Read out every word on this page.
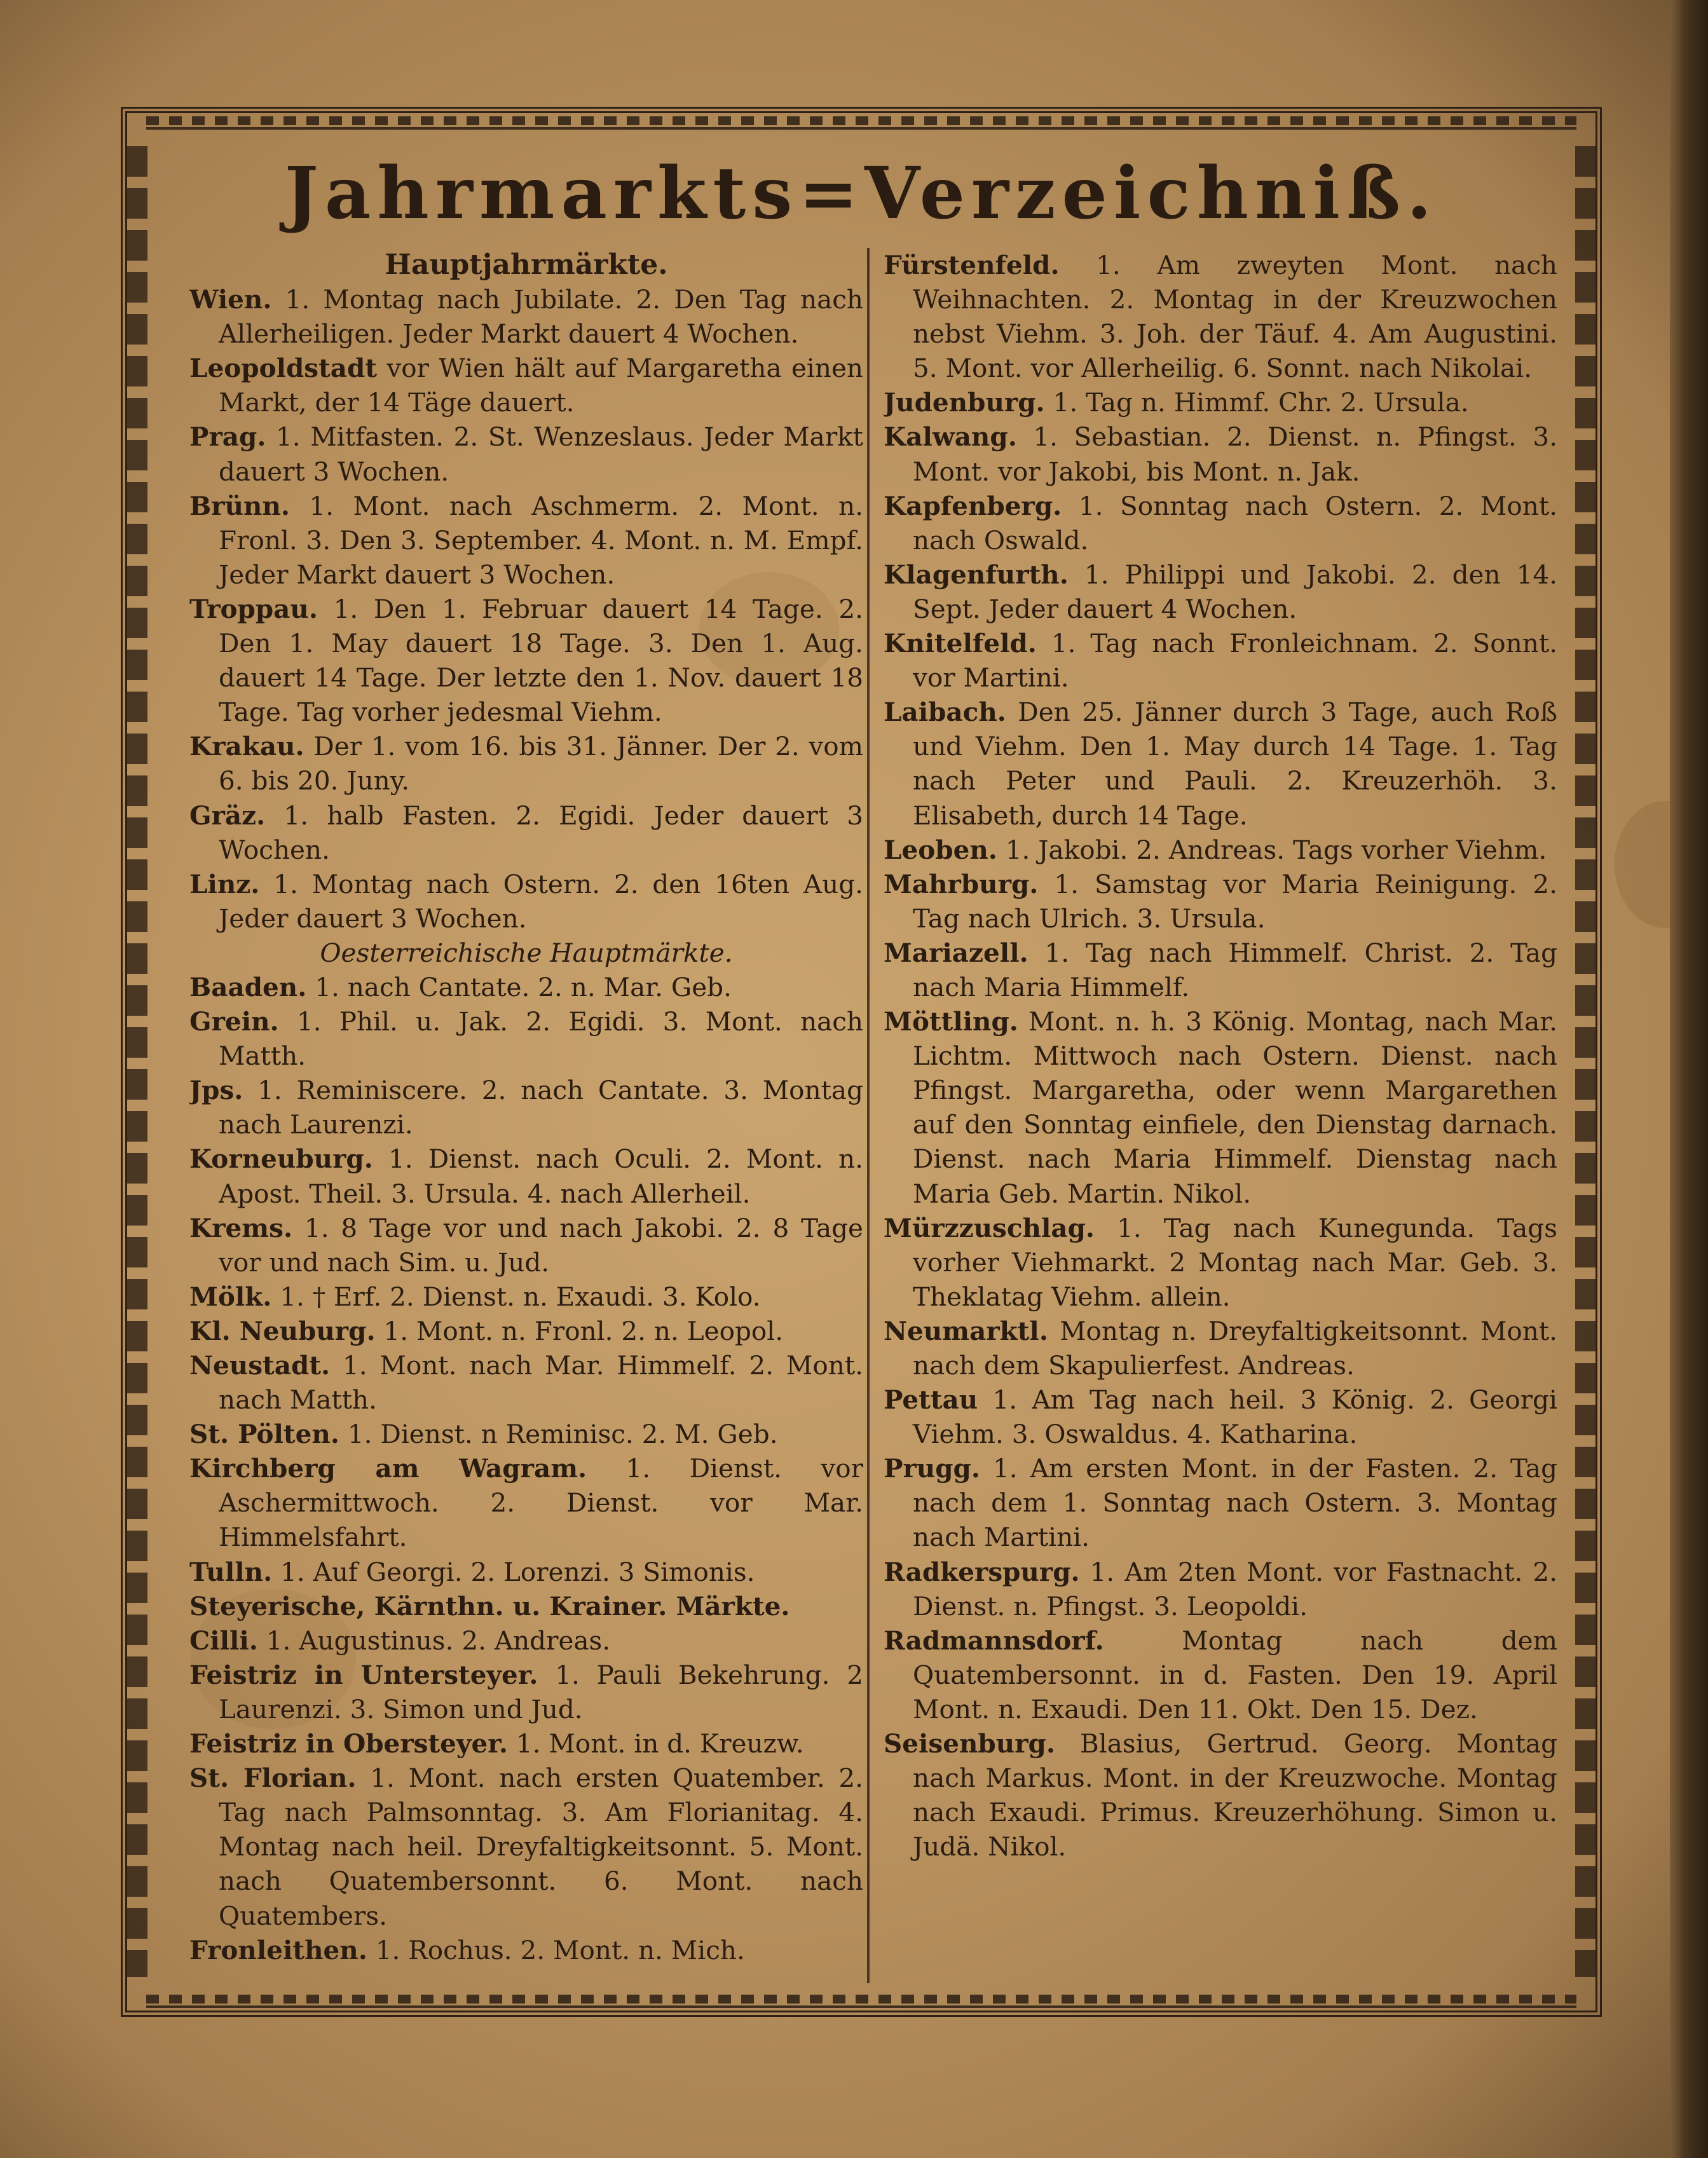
Jahrmarkts=Verzeichniß.

Hauptjahrmärkte.

Wien. 1. Montag nach Jubilate. 2. Den Tag nach Allerheiligen. Jeder Markt dauert 4 Wochen.

Leopoldstadt vor Wien hält auf Margaretha einen Markt, der 14 Täge dauert.

Prag. 1. Mitfasten. 2. St. Wenzeslaus. Jeder Markt dauert 3 Wochen.

Brünn. 1. Mont. nach Aschmerm. 2. Mont. n. Fronl. 3. Den 3. September. 4. Mont. n. M. Empf. Jeder Markt dauert 3 Wochen.

Troppau. 1. Den 1. Februar dauert 14 Tage. 2. Den 1. May dauert 18 Tage. 3. Den 1. Aug. dauert 14 Tage. Der letzte den 1. Nov. dauert 18 Tage. Tag vorher jedesmal Viehm.

Krakau. Der 1. vom 16. bis 31. Jänner. Der 2. vom 6. bis 20. Juny.

Gräz. 1. halb Fasten. 2. Egidi. Jeder dauert 3 Wochen.

Linz. 1. Montag nach Ostern. 2. den 16ten Aug. Jeder dauert 3 Wochen.

Oesterreichische Hauptmärkte.

Baaden. 1. nach Cantate. 2. n. Mar. Geb.

Grein. 1. Phil. u. Jak. 2. Egidi. 3. Mont. nach Matth.

Jps. 1. Reminiscere. 2. nach Cantate. 3. Montag nach Laurenzi.

Korneuburg. 1. Dienst. nach Oculi. 2. Mont. n. Apost. Theil. 3. Ursula. 4. nach Allerheil.

Krems. 1. 8 Tage vor und nach Jakobi. 2. 8 Tage vor und nach Sim. u. Jud.

Mölk. 1. † Erf. 2. Dienst. n. Exaudi. 3. Kolo.

Kl. Neuburg. 1. Mont. n. Fronl. 2. n. Leopol.

Neustadt. 1. Mont. nach Mar. Himmelf. 2. Mont. nach Matth.

St. Pölten. 1. Dienst. n Reminisc. 2. M. Geb.

Kirchberg am Wagram. 1. Dienst. vor Aschermittwoch. 2. Dienst. vor Mar. Himmelsfahrt.

Tulln. 1. Auf Georgi. 2. Lorenzi. 3 Simonis.

Steyerische, Kärnthn. u. Krainer. Märkte.

Cilli. 1. Augustinus. 2. Andreas.

Feistriz in Untersteyer. 1. Pauli Bekehrung. 2 Laurenzi. 3. Simon und Jud.

Feistriz in Obersteyer. 1. Mont. in d. Kreuzw.

St. Florian. 1. Mont. nach ersten Quatember. 2. Tag nach Palmsonntag. 3. Am Florianitag. 4. Montag nach heil. Dreyfaltigkeitsonnt. 5. Mont. nach Quatembersonnt. 6. Mont. nach Quatembers.

Fronleithen. 1. Rochus. 2. Mont. n. Mich.

Fürstenfeld. 1. Am zweyten Mont. nach Weihnachten. 2. Montag in der Kreuzwochen nebst Viehm. 3. Joh. der Täuf. 4. Am Augustini. 5. Mont. vor Allerheilig. 6. Sonnt. nach Nikolai.

Judenburg. 1. Tag n. Himmf. Chr. 2. Ursula.

Kalwang. 1. Sebastian. 2. Dienst. n. Pfingst. 3. Mont. vor Jakobi, bis Mont. n. Jak.

Kapfenberg. 1. Sonntag nach Ostern. 2. Mont. nach Oswald.

Klagenfurth. 1. Philippi und Jakobi. 2. den 14. Sept. Jeder dauert 4 Wochen.

Knitelfeld. 1. Tag nach Fronleichnam. 2. Sonnt. vor Martini.

Laibach. Den 25. Jänner durch 3 Tage, auch Roß und Viehm. Den 1. May durch 14 Tage. 1. Tag nach Peter und Pauli. 2. Kreuzerhöh. 3. Elisabeth, durch 14 Tage.

Leoben. 1. Jakobi. 2. Andreas. Tags vorher Viehm.

Mahrburg. 1. Samstag vor Maria Reinigung. 2. Tag nach Ulrich. 3. Ursula.

Mariazell. 1. Tag nach Himmelf. Christ. 2. Tag nach Maria Himmelf.

Möttling. Mont. n. h. 3 König. Montag, nach Mar. Lichtm. Mittwoch nach Ostern. Dienst. nach Pfingst. Margaretha, oder wenn Margarethen auf den Sonntag einfiele, den Dienstag darnach. Dienst. nach Maria Himmelf. Dienstag nach Maria Geb. Martin. Nikol.

Mürzzuschlag. 1. Tag nach Kunegunda. Tags vorher Viehmarkt. 2 Montag nach Mar. Geb. 3. Theklatag Viehm. allein.

Neumarktl. Montag n. Dreyfaltigkeitsonnt. Mont. nach dem Skapulierfest. Andreas.

Pettau 1. Am Tag nach heil. 3 König. 2. Georgi Viehm. 3. Oswaldus. 4. Katharina.

Prugg. 1. Am ersten Mont. in der Fasten. 2. Tag nach dem 1. Sonntag nach Ostern. 3. Montag nach Martini.

Radkerspurg. 1. Am 2ten Mont. vor Fastnacht. 2. Dienst. n. Pfingst. 3. Leopoldi.

Radmannsdorf.	Montag nach dem Quatembersonnt. in d. Fasten. Den 19. April Mont. n. Exaudi. Den 11. Okt. Den 15. Dez.

Seisenburg. Blasius, Gertrud. Georg. Montag nach Markus. Mont. in der Kreuzwoche. Montag nach Exaudi. Primus. Kreuzerhöhung. Simon u. Judä. Nikol.
